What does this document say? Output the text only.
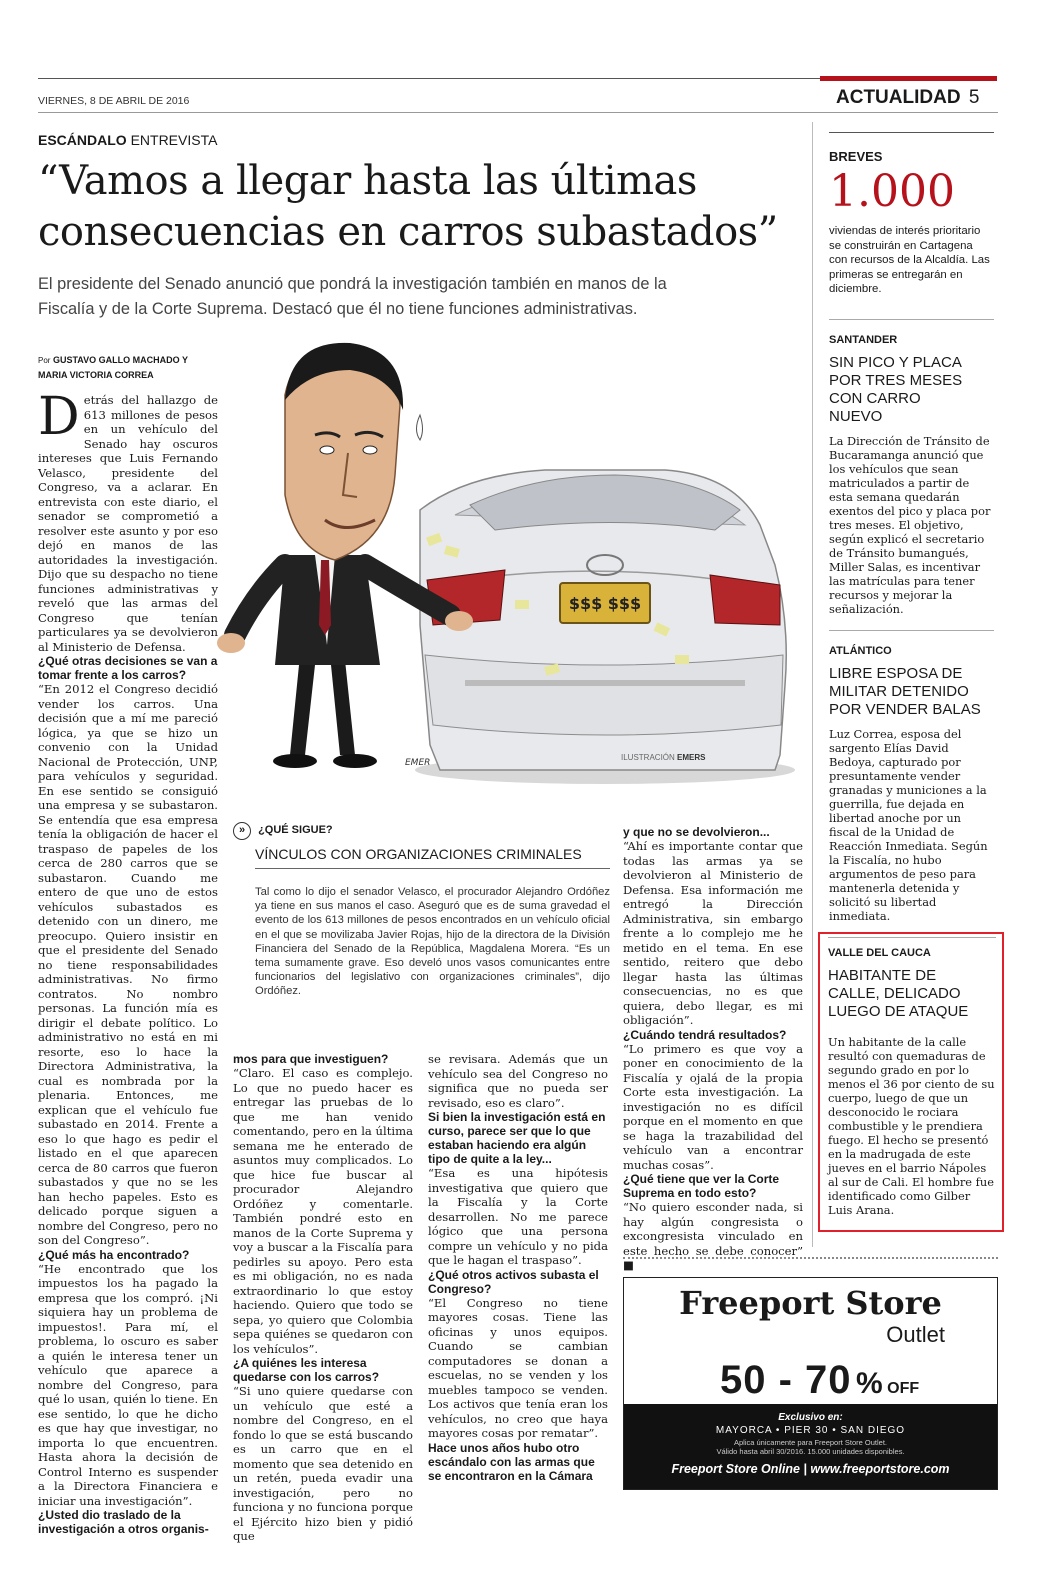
VIERNES, 8 DE ABRIL DE 2016	ACTUALIDAD 5
ESCÁNDALO ENTREVISTA
“Vamos a llegar hasta las últimas
consecuencias en carros subastados”
El presidente del Senado anunció que pondrá la investigación también en manos de la
Fiscalía y de la Corte Suprema. Destacó que él no tiene funciones administrativas.
Por GUSTAVO GALLO MACHADO Y
MARIA VICTORIA CORREA
$$$ $$$
EMER
ILUSTRACIÓN EMERS
D etrás del hallazgo de 613 millones de pesos en un vehículo del Senado hay oscuros intereses que Luis Fernando Velasco, presidente del Congreso, va a aclarar. En entrevista con este diario, el senador se comprometió a resolver este asunto y por eso dejó en manos de las autoridades la investigación. Dijo que su despacho no tiene funciones administrativas y reveló que las armas del Congreso que tenían particulares ya se devolvieron al Ministerio de Defensa.

¿Qué otras decisiones se van a tomar frente a los carros?

“En 2012 el Congreso decidió vender los carros. Una decisión que a mí me pareció lógica, ya que se hizo un convenio con la Unidad Nacional de Protección, UNP, para vehículos y seguridad. En ese sentido se consiguió una empresa y se subastaron. Se entendía que esa empresa tenía la obligación de hacer el traspaso de papeles de los cerca de 280 carros que se subastaron. Cuando me entero de que uno de estos vehículos subastados es detenido con un dinero, me preocupo. Quiero insistir en que el presidente del Senado no tiene responsabilidades administrativas. No firmo contratos. No nombro personas. La función mía es dirigir el debate político. Lo administrativo no está en mi resorte, eso lo hace la Directora Administrativa, la cual es nombrada por la plenaria. Entonces, me explican que el vehículo fue subastado en 2014. Frente a eso lo que hago es pedir el listado en el que aparecen cerca de 80 carros que fueron subastados y que no se les han hecho papeles. Esto es delicado porque siguen a nombre del Congreso, pero no son del Congreso”.

¿Qué más ha encontrado?

“He encontrado que los impuestos los ha pagado la empresa que los compró. ¡Ni siquiera hay un problema de impuestos!. Para mí, el problema, lo oscuro es saber a quién le interesa tener un vehículo que aparece a nombre del Congreso, para qué lo usan, quién lo tiene. En ese sentido, lo que he dicho es que hay que investigar, no importa lo que encuentren. Hasta ahora la decisión de Control Interno es suspender a la Directora Financiera e iniciar una investigación”.

¿Usted dio traslado de la investigación a otros organis-

» ¿QUÉ SIGUE?
VÍNCULOS CON ORGANIZACIONES CRIMINALES

Tal como lo dijo el senador Velasco, el procurador Alejandro Ordóñez ya tiene en sus manos el caso. Aseguró que es de suma gravedad el evento de los 613 millones de pesos encontrados en un vehículo oficial en el que se movilizaba Javier Rojas, hijo de la directora de la División Financiera del Senado de la República, Magdalena Morera. “Es un tema sumamente grave. Eso develó unos vasos comunicantes entre funcionarios del legislativo con organizaciones criminales”, dijo Ordóñez.

mos para que investiguen?

“Claro. El caso es complejo. Lo que no puedo hacer es entregar las pruebas de lo que me han venido comentando, pero en la última semana me he enterado de asuntos muy complicados. Lo que hice fue buscar al procurador Alejandro Ordóñez y comentarle. También pondré esto en manos de la Corte Suprema y voy a buscar a la Fiscalía para pedirles su apoyo. Pero esta es mi obligación, no es nada extraordinario lo que estoy haciendo. Quiero que todo se sepa, yo quiero que Colombia sepa quiénes se quedaron con los vehículos”.

¿A quiénes les interesa quedarse con los carros?

“Si uno quiere quedarse con un vehículo que esté a nombre del Congreso, en el fondo lo que se está buscando es un carro que en el momento que sea detenido en un retén, pueda evadir una investigación, pero no funciona y no funciona porque el Ejército hizo bien y pidió que

se revisara. Además que un vehículo sea del Congreso no significa que no pueda ser revisado, eso es claro”.

Si bien la investigación está en curso, parece ser que lo que estaban haciendo era algún tipo de quite a la ley...

“Esa es una hipótesis investigativa que quiero que la Fiscalía y la Corte desarrollen. No me parece lógico que una persona compre un vehículo y no pida que le hagan el traspaso”.

¿Qué otros activos subasta el Congreso?

“El Congreso no tiene mayores cosas. Tiene las oficinas y unos equipos. Cuando se cambian computadores se donan a escuelas, no se venden y los muebles tampoco se venden. Los activos que tenía eran los vehículos, no creo que haya mayores cosas por rematar”.

Hace unos años hubo otro escándalo con las armas que se encontraron en la Cámara

y que no se devolvieron...

“Ahí es importante contar que todas las armas ya se devolvieron al Ministerio de Defensa. Esa información me entregó la Dirección Administrativa, sin embargo frente a lo complejo me he metido en el tema. En ese sentido, reitero que debo llegar hasta las últimas consecuencias, no es que quiera, debo llegar, es mi obligación”.

¿Cuándo tendrá resultados?

“Lo primero es que voy a poner en conocimiento de la Fiscalía y ojalá de la propia Corte esta investigación. La investigación no es difícil porque en el momento en que se haga la trazabilidad del vehículo van a encontrar muchas cosas”.

¿Qué tiene que ver la Corte Suprema en todo esto?

“No quiero esconder nada, si hay algún congresista o excongresista vinculado en este hecho se debe conocer” ■

BREVES
1.000

viviendas de interés prioritario se construirán en Cartagena con recursos de la Alcaldía. Las primeras se entregarán en diciembre.

SANTANDER
SIN PICO Y PLACA POR TRES MESES CON CARRO NUEVO

La Dirección de Tránsito de Bucaramanga anunció que los vehículos que sean matriculados a partir de esta semana quedarán exentos del pico y placa por tres meses. El objetivo, según explicó el secretario de Tránsito bumangués, Miller Salas, es incentivar las matrículas para tener recursos y mejorar la señalización.

ATLÁNTICO
LIBRE ESPOSA DE MILITAR DETENIDO POR VENDER BALAS

Luz Correa, esposa del sargento Elías David Bedoya, capturado por presuntamente vender granadas y municiones a la guerrilla, fue dejada en libertad anoche por un fiscal de la Unidad de Reacción Inmediata. Según la Fiscalía, no hubo argumentos de peso para mantenerla detenida y solicitó su libertad inmediata.

VALLE DEL CAUCA
HABITANTE DE CALLE, DELICADO LUEGO DE ATAQUE

Un habitante de la calle resultó con quemaduras de segundo grado en por lo menos el 36 por ciento de su cuerpo, luego de que un desconocido le rociara combustible y le prendiera fuego. El hecho se presentó en la madrugada de este jueves en el barrio Nápoles al sur de Cali. El hombre fue identificado como Gilber Luis Arana.

Freeport Store
Outlet
50 - 70 % OFF
Exclusivo en:
MAYORCA • PIER 30 • SAN DIEGO
Aplica únicamente para Freeport Store Outlet.
Válido hasta abril 30/2016. 15.000 unidades disponibles.
Freeport Store Online | www.freeportstore.com
